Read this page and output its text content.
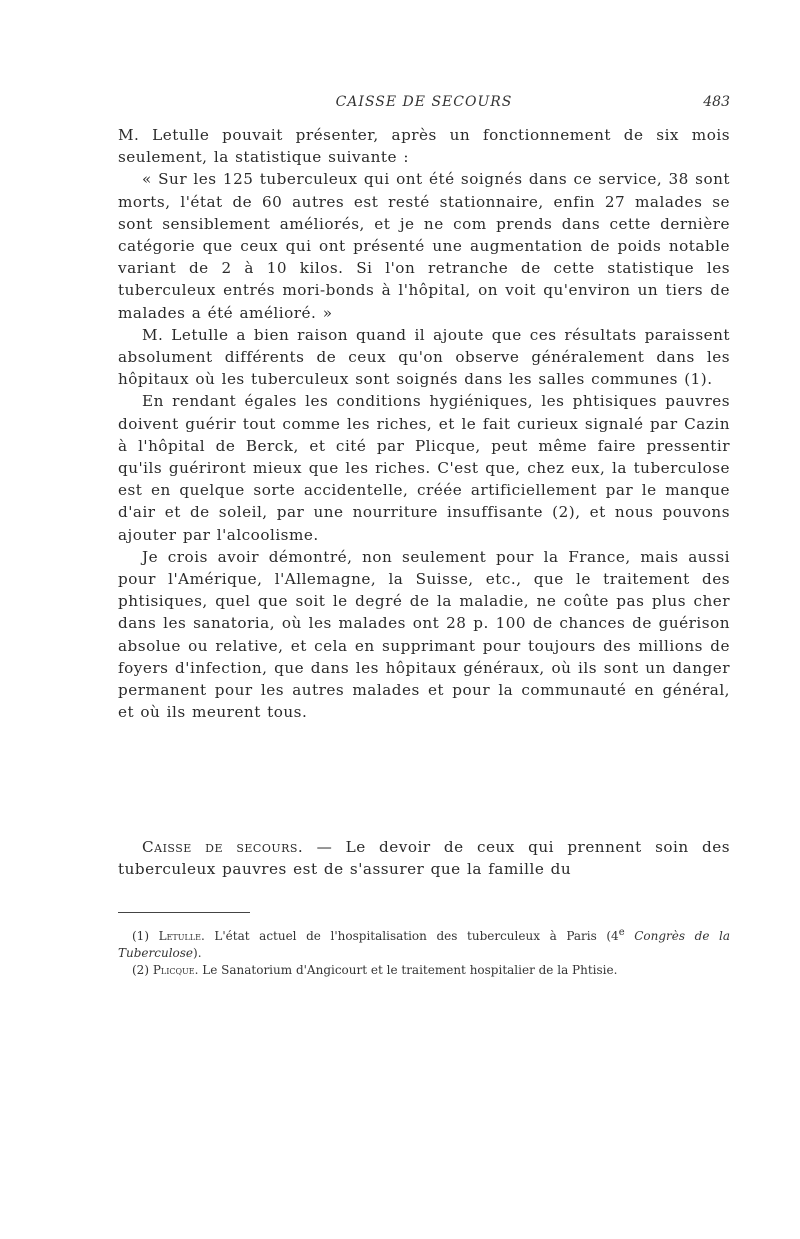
CAISSE DE SECOURS	483

M. Letulle pouvait présenter, après un fonctionnement de six mois seulement, la statistique suivante :

« Sur les 125 tuberculeux qui ont été soignés dans ce service, 38 sont morts, l'état de 60 autres est resté stationnaire, enfin 27 malades se sont sensiblement améliorés, et je ne com prends dans cette dernière catégorie que ceux qui ont présenté une augmentation de poids notable variant de 2 à 10 kilos. Si l'on retranche de cette statistique les tuberculeux entrés mori-bonds à l'hôpital, on voit qu'environ un tiers de malades a été amélioré. »

M. Letulle a bien raison quand il ajoute que ces résultats paraissent absolument différents de ceux qu'on observe généralement dans les hôpitaux où les tuberculeux sont soignés dans les salles communes (1).

En rendant égales les conditions hygiéniques, les phtisiques pauvres doivent guérir tout comme les riches, et le fait curieux signalé par Cazin à l'hôpital de Berck, et cité par Plicque, peut même faire pressentir qu'ils guériront mieux que les riches. C'est que, chez eux, la tuberculose est en quelque sorte accidentelle, créée artificiellement par le manque d'air et de soleil, par une nourriture insuffisante (2), et nous pouvons ajouter par l'alcoolisme.

Je crois avoir démontré, non seulement pour la France, mais aussi pour l'Amérique, l'Allemagne, la Suisse, etc., que le traitement des phtisiques, quel que soit le degré de la maladie, ne coûte pas plus cher dans les sanatoria, où les malades ont 28 p. 100 de chances de guérison absolue ou relative, et cela en supprimant pour toujours des millions de foyers d'infection, que dans les hôpitaux généraux, où ils sont un danger permanent pour les autres malades et pour la communauté en général, et où ils meurent tous.

Caisse de secours. — Le devoir de ceux qui prennent soin des tuberculeux pauvres est de s'assurer que la famille du

(1) Letulle. L'état actuel de l'hospitalisation des tuberculeux à Paris (4e Congrès de la Tuberculose).

(2) Plicque. Le Sanatorium d'Angicourt et le traitement hospitalier de la Phtisie.
